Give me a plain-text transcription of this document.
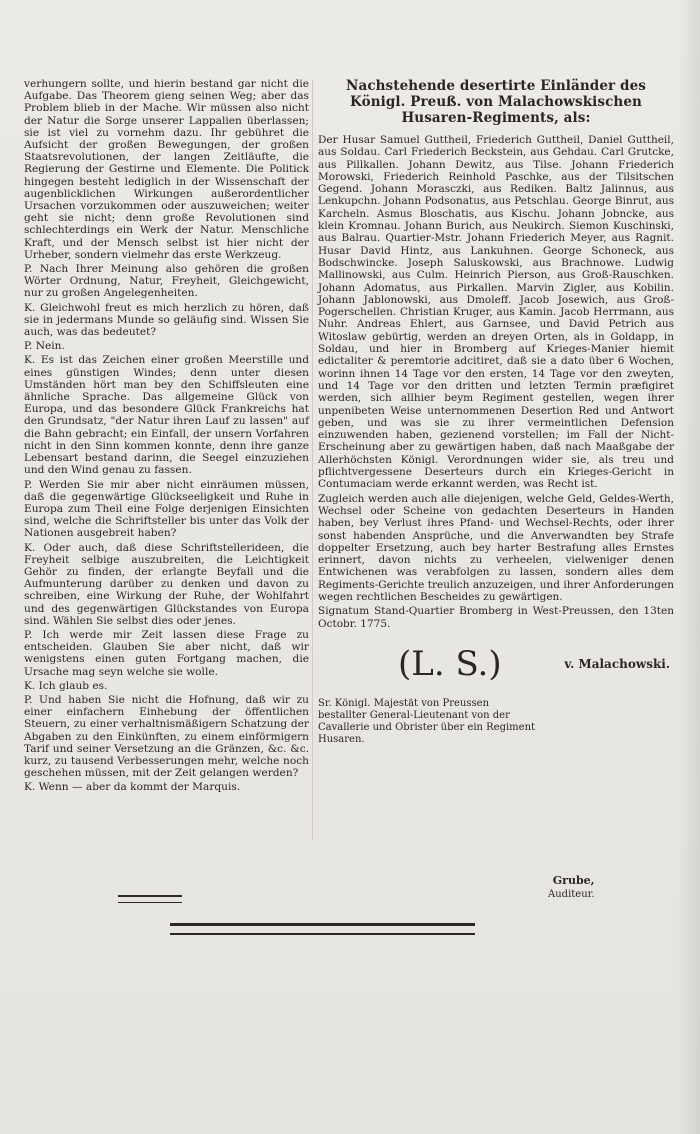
verhungern sollte, und hierin bestand gar nicht die Aufgabe. Das Theorem gieng seinen Weg; aber das Problem blieb in der Mache. Wir müssen also nicht der Natur die Sorge unserer Lappalien überlassen; sie ist viel zu vornehm dazu. Ihr gebühret die Aufsicht der großen Bewegungen, der großen Staatsrevolutionen, der langen Zeitläufte, die Regierung der Gestirne und Elemente. Die Politick hingegen besteht lediglich in der Wissenschaft der augenblicklichen Wirkungen außerordentlicher Ursachen vorzukommen oder auszuweichen; weiter geht sie nicht; denn große Revolutionen sind schlechterdings ein Werk der Natur. Menschliche Kraft, und der Mensch selbst ist hier nicht der Urheber, sondern vielmehr das erste Werkzeug.

P. Nach Ihrer Meinung also gehören die großen Wörter Ordnung, Natur, Freyheit, Gleichgewicht, nur zu großen Angelegenheiten.

K. Gleichwohl freut es mich herzlich zu hören, daß sie in jedermans Munde so geläufig sind. Wissen Sie auch, was das bedeutet?

P. Nein.

K. Es ist das Zeichen einer großen Meerstille und eines günstigen Windes; denn unter diesen Umständen hört man bey den Schiffsleuten eine ähnliche Sprache. Das allgemeine Glück von Europa, und das besondere Glück Frankreichs hat den Grundsatz, "der Natur ihren Lauf zu lassen" auf die Bahn gebracht; ein Einfall, der unsern Vorfahren nicht in den Sinn kommen konnte, denn ihre ganze Lebensart bestand darinn, die Seegel einzuziehen und den Wind genau zu fassen.

P. Werden Sie mir aber nicht einräumen müssen, daß die gegenwärtige Glückseeligkeit und Ruhe in Europa zum Theil eine Folge derjenigen Einsichten sind, welche die Schriftsteller bis unter das Volk der Nationen ausgebreit haben?

K. Oder auch, daß diese Schriftstellerideen, die Freyheit selbige auszubreiten, die Leichtigkeit Gehör zu finden, der erlangte Beyfall und die Aufmunterung darüber zu denken und davon zu schreiben, eine Wirkung der Ruhe, der Wohlfahrt und des gegenwärtigen Glückstandes von Europa sind. Wählen Sie selbst dies oder jenes.

P. Ich werde mir Zeit lassen diese Frage zu entscheiden. Glauben Sie aber nicht, daß wir wenigstens einen guten Fortgang machen, die Ursache mag seyn welche sie wolle.

K. Ich glaub es.

P. Und haben Sie nicht die Hofnung, daß wir zu einer einfachern Einhebung der öffentlichen Steuern, zu einer verhaltnismäßigern Schatzung der Abgaben zu den Einkünften, zu einem einförmigern Tarif und seiner Versetzung an die Gränzen, &c. &c. kurz, zu tausend Verbesserungen mehr, welche noch geschehen müssen, mit der Zeit gelangen werden?

K. Wenn — aber da kommt der Marquis.

Nachstehende desertirte Einländer des Königl. Preuß. von Malachowskischen Husaren-Regiments, als:

Der Husar Samuel Guttheil, Friederich Guttheil, Daniel Guttheil, aus Soldau. Carl Friederich Beckstein, aus Gehdau. Carl Grutcke, aus Pillkallen. Johann Dewitz, aus Tilse. Johann Friederich Morowski, Friederich Reinhold Paschke, aus der Tilsitschen Gegend. Johann Morasczki, aus Rediken. Baltz Jalinnus, aus Lenkupchn. Johann Podsonatus, aus Petschlau. George Binrut, aus Karcheln. Asmus Bloschatis, aus Kischu. Johann Jobncke, aus klein Kromnau. Johann Burich, aus Neukirch. Siemon Kuschinski, aus Balrau. Quartier-Mstr. Johann Friederich Meyer, aus Ragnit. Husar David Hintz, aus Lankuhnen. George Schoneck, aus Bodschwincke. Joseph Saluskowski, aus Brachnowe. Ludwig Mallinowski, aus Culm. Heinrich Pierson, aus Groß-Rauschken. Johann Adomatus, aus Pirkallen. Marvin Zigler, aus Kobilin. Johann Jablonowski, aus Dmoleff. Jacob Josewich, aus Groß-Pogerschellen. Christian Kruger, aus Kamin. Jacob Herrmann, aus Nuhr. Andreas Ehlert, aus Garnsee, und David Petrich aus Witoslaw gebürtig, werden an dreyen Orten, als in Goldapp, in Soldau, und hier in Bromberg auf Krieges-Manier hiemit edictaliter & peremtorie adcitiret, daß sie a dato über 6 Wochen, worinn ihnen 14 Tage vor den ersten, 14 Tage vor den zweyten, und 14 Tage vor den dritten und letzten Termin præfigiret werden, sich allhier beym Regiment gestellen, wegen ihrer unpenibeten Weise unternommenen Desertion Red und Antwort geben, und was sie zu ihrer vermeintlichen Defension einzuwenden haben, gezienend vorstellen; im Fall der Nicht-Erscheinung aber zu gewärtigen haben, daß nach Maaßgabe der Allerhöchsten Königl. Verordnungen wider sie, als treu und pflichtvergessene Deserteurs durch ein Krieges-Gericht in Contumaciam werde erkannt werden, was Recht ist.

Zugleich werden auch alle diejenigen, welche Geld, Geldes-Werth, Wechsel oder Scheine von gedachten Deserteurs in Handen haben, bey Verlust ihres Pfand- und Wechsel-Rechts, oder ihrer sonst habenden Ansprüche, und die Anverwandten bey Strafe doppelter Ersetzung, auch bey harter Bestrafung alles Ernstes erinnert, davon nichts zu verheelen, vielweniger denen Entwichenen was verabfolgen zu lassen, sondern alles dem Regiments-Gerichte treulich anzuzeigen, und ihrer Anforderungen wegen rechtlichen Bescheides zu gewärtigen.

Signatum Stand-Quartier Bromberg in West-Preussen, den 13ten Octobr. 1775.

(L. S.)	v. Malachowski.
Sr. Königl. Majestät von Preussen bestallter General-Lieutenant von der Cavallerie und Obrister über ein Regiment Husaren.
Grube,
Auditeur.
